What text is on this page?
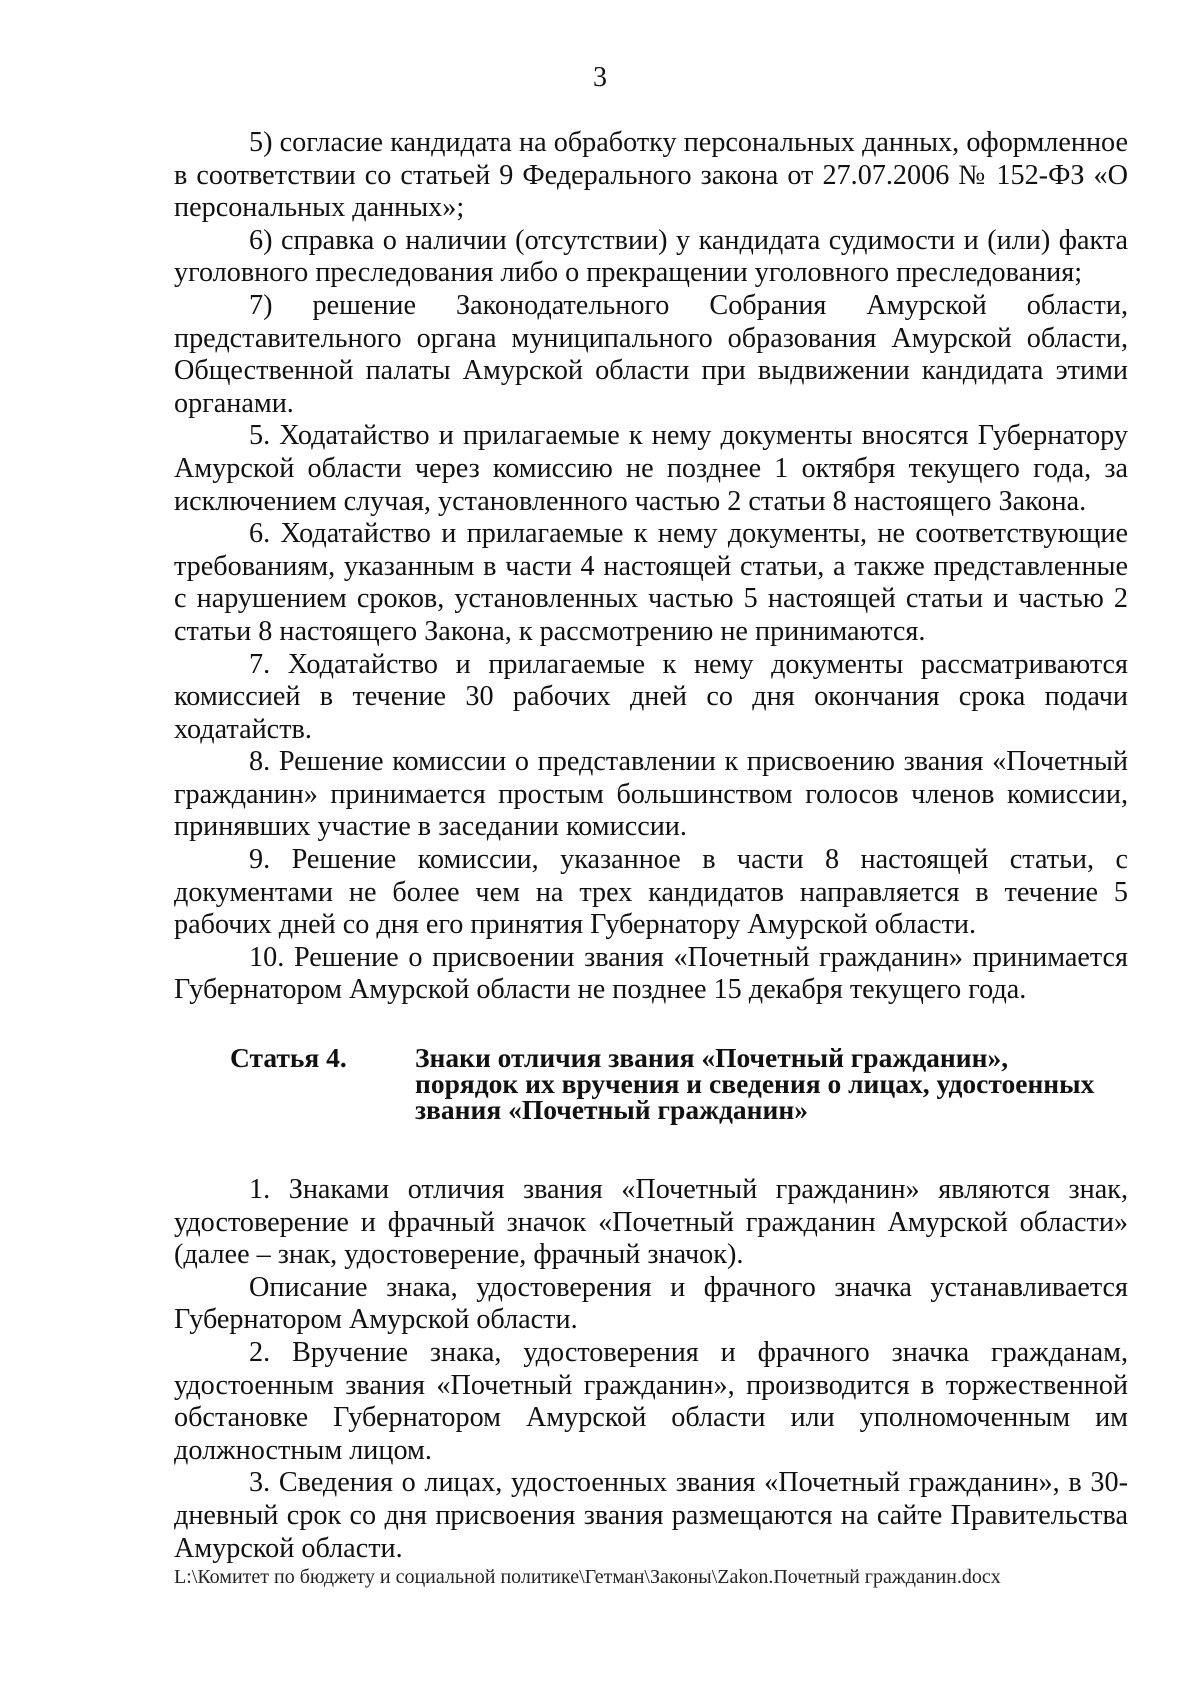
3

5) согласие кандидата на обработку персональных данных, оформленное в соответствии со статьей 9 Федерального закона от 27.07.2006 № 152-ФЗ «О персональных данных»;

6) справка о наличии (отсутствии) у кандидата судимости и (или) факта уголовного преследования либо о прекращении уголовного преследования;

7) решение Законодательного Собрания Амурской области, представительного органа муниципального образования Амурской области, Общественной палаты Амурской области при выдвижении кандидата этими органами.

5. Ходатайство и прилагаемые к нему документы вносятся Губернатору Амурской области через комиссию не позднее 1 октября текущего года, за исключением случая, установленного частью 2 статьи 8 настоящего Закона.

6. Ходатайство и прилагаемые к нему документы, не соответствующие требованиям, указанным в части 4 настоящей статьи, а также представленные с нарушением сроков, установленных частью 5 настоящей статьи и частью 2 статьи 8 настоящего Закона, к рассмотрению не принимаются.

7. Ходатайство и прилагаемые к нему документы рассматриваются комиссией в течение 30 рабочих дней со дня окончания срока подачи ходатайств.

8. Решение комиссии о представлении к присвоению звания «Почетный гражданин» принимается простым большинством голосов членов комиссии, принявших участие в заседании комиссии.

9. Решение комиссии, указанное в части 8 настоящей статьи, с документами не более чем на трех кандидатов направляется в течение 5 рабочих дней со дня его принятия Губернатору Амурской области.

10. Решение о присвоении звания «Почетный гражданин» принимается Губернатором Амурской области не позднее 15 декабря текущего года.

Статья 4. Знаки отличия звания «Почетный гражданин»,
порядок их вручения и сведения о лицах, удостоенных
звания «Почетный гражданин»

1. Знаками отличия звания «Почетный гражданин» являются знак, удостоверение и фрачный значок «Почетный гражданин Амурской области» (далее – знак, удостоверение, фрачный значок).

Описание знака, удостоверения и фрачного значка устанавливается Губернатором Амурской области.

2. Вручение знака, удостоверения и фрачного значка гражданам, удостоенным звания «Почетный гражданин», производится в торжественной обстановке Губернатором Амурской области или уполномоченным им должностным лицом.

3. Сведения о лицах, удостоенных звания «Почетный гражданин», в 30-дневный срок со дня присвоения звания размещаются на сайте Правительства Амурской области.

L:\Комитет по бюджету и социальной политике\Гетман\Законы\Zakon.Почетный гражданин.docx
